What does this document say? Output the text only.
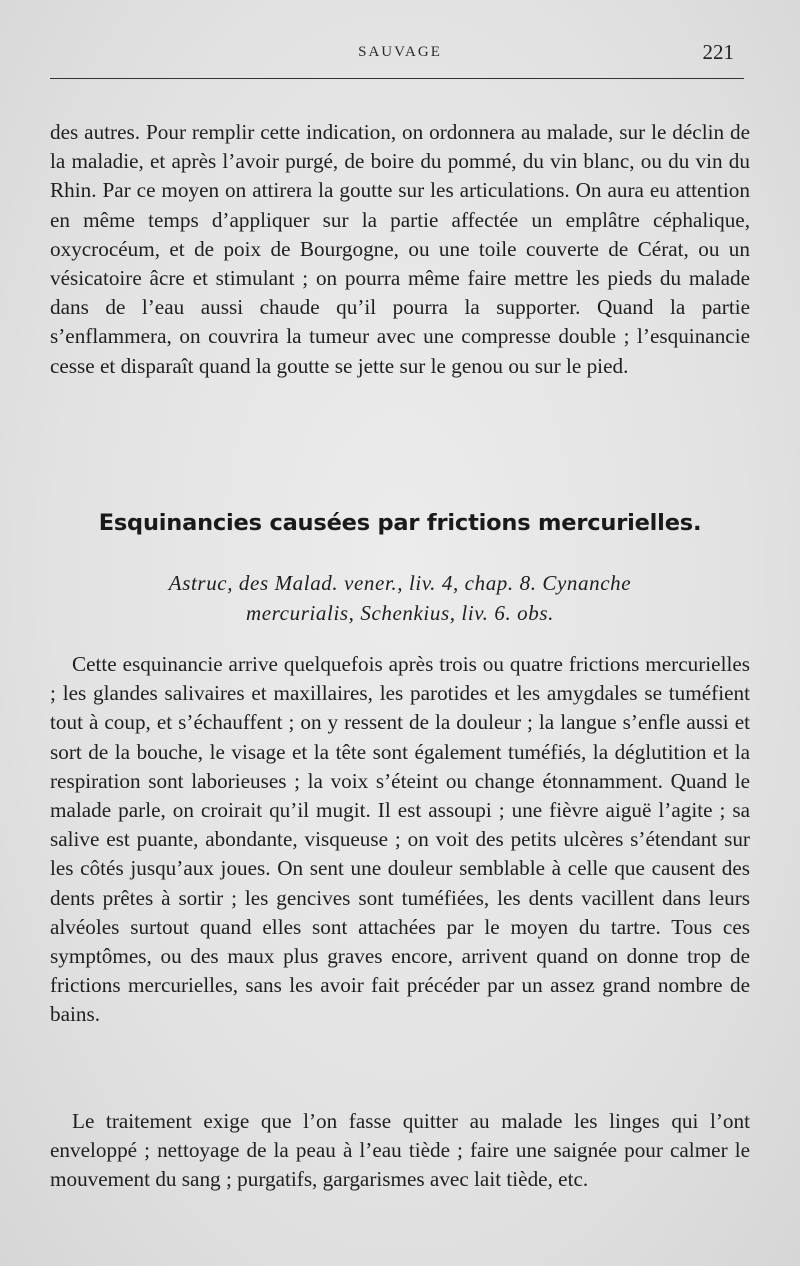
SAUVAGE	221

des autres. Pour remplir cette indication, on ordonnera au malade, sur le déclin de la maladie, et après l’avoir purgé, de boire du pommé, du vin blanc, ou du vin du Rhin. Par ce moyen on attirera la goutte sur les articulations. On aura eu attention en même temps d’appliquer sur la partie affectée un emplâtre céphalique, oxycrocéum, et de poix de Bourgogne, ou une toile couverte de Cérat, ou un vésicatoire âcre et stimulant ; on pourra même faire mettre les pieds du malade dans de l’eau aussi chaude qu’il pourra la supporter. Quand la partie s’enflammera, on couvrira la tumeur avec une compresse double ; l’esquinancie cesse et disparaît quand la goutte se jette sur le genou ou sur le pied.

Esquinancies causées par frictions mercurielles.
Astruc, des Malad. vener., liv. 4, chap. 8. Cynanche
mercurialis, Schenkius, liv. 6. obs.

Cette esquinancie arrive quelquefois après trois ou quatre frictions mercurielles ; les glandes salivaires et maxillaires, les parotides et les amygdales se tuméfient tout à coup, et s’échauffent ; on y ressent de la douleur ; la langue s’enfle aussi et sort de la bouche, le visage et la tête sont également tuméfiés, la déglutition et la respiration sont laborieuses ; la voix s’éteint ou change étonnamment. Quand le malade parle, on croirait qu’il mugit. Il est assoupi ; une fièvre aiguë l’agite ; sa salive est puante, abondante, visqueuse ; on voit des petits ulcères s’étendant sur les côtés jusqu’aux joues. On sent une douleur semblable à celle que causent des dents prêtes à sortir ; les gencives sont tuméfiées, les dents vacillent dans leurs alvéoles surtout quand elles sont attachées par le moyen du tartre. Tous ces symptômes, ou des maux plus graves encore, arrivent quand on donne trop de frictions mercurielles, sans les avoir fait précéder par un assez grand nombre de bains.

Le traitement exige que l’on fasse quitter au malade les linges qui l’ont enveloppé ; nettoyage de la peau à l’eau tiède ; faire une saignée pour calmer le mouvement du sang ; purgatifs, gargarismes avec lait tiède, etc.
